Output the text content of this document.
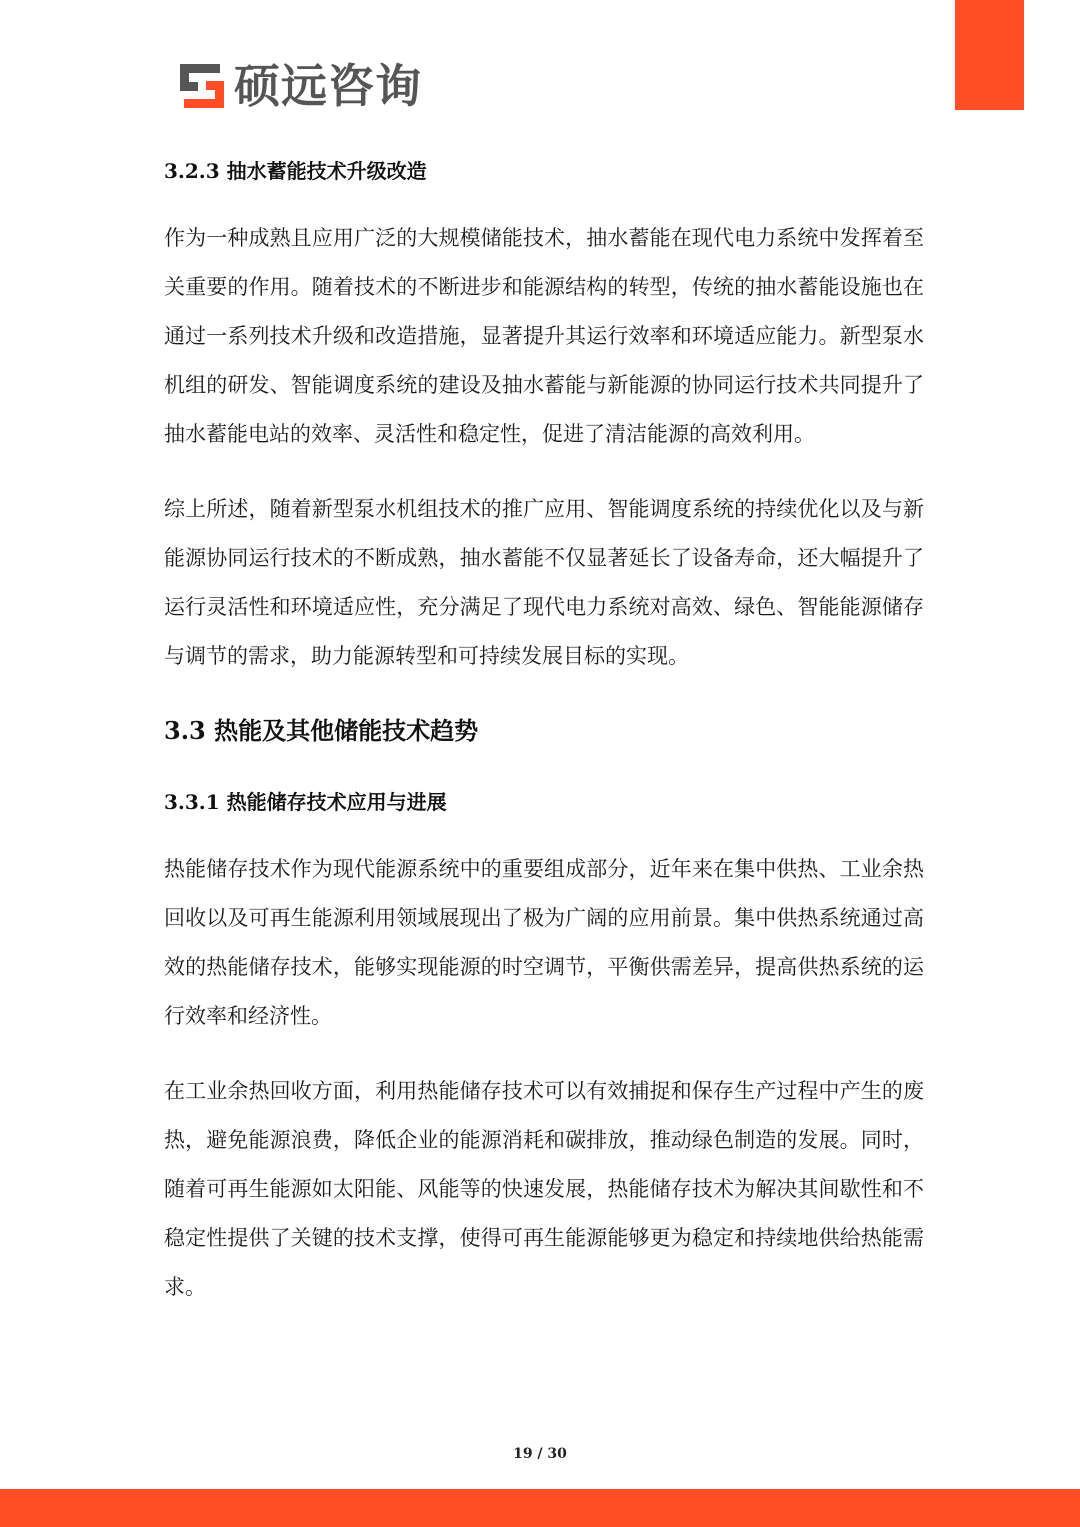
硕远咨询
3.2.3 抽水蓄能技术升级改造

作为一种成熟且应用广泛的大规模储能技术，抽水蓄能在现代电力系统中发挥着至关重要的作用。随着技术的不断进步和能源结构的转型，传统的抽水蓄能设施也在通过一系列技术升级和改造措施，显著提升其运行效率和环境适应能力。新型泵水机组的研发、智能调度系统的建设及抽水蓄能与新能源的协同运行技术共同提升了抽水蓄能电站的效率、灵活性和稳定性，促进了清洁能源的高效利用。

综上所述，随着新型泵水机组技术的推广应用、智能调度系统的持续优化以及与新能源协同运行技术的不断成熟，抽水蓄能不仅显著延长了设备寿命，还大幅提升了运行灵活性和环境适应性，充分满足了现代电力系统对高效、绿色、智能能源储存与调节的需求，助力能源转型和可持续发展目标的实现。

3.3 热能及其他储能技术趋势
3.3.1 热能储存技术应用与进展

热能储存技术作为现代能源系统中的重要组成部分，近年来在集中供热、工业余热回收以及可再生能源利用领域展现出了极为广阔的应用前景。集中供热系统通过高效的热能储存技术，能够实现能源的时空调节，平衡供需差异，提高供热系统的运行效率和经济性。

在工业余热回收方面，利用热能储存技术可以有效捕捉和保存生产过程中产生的废热，避免能源浪费，降低企业的能源消耗和碳排放，推动绿色制造的发展。同时，随着可再生能源如太阳能、风能等的快速发展，热能储存技术为解决其间歇性和不稳定性提供了关键的技术支撑，使得可再生能源能够更为稳定和持续地供给热能需求。

19 / 30
